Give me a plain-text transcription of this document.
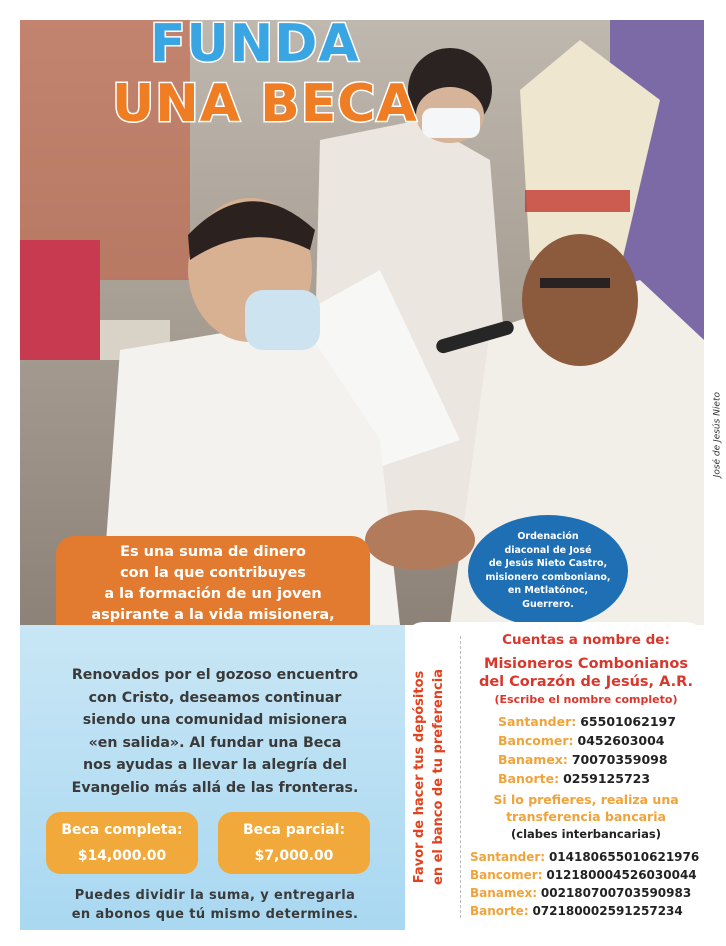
FUNDA
UNA BECA
José de Jesús Nieto
Es una suma de dinero
con la que contribuyes
a la formación de un joven
aspirante a la vida misionera,
Ordenación
diaconal de José
de Jesús Nieto Castro,
misionero comboniano,
en Metlatónoc,
Guerrero.
Renovados por el gozoso encuentro
con Cristo, deseamos continuar
siendo una comunidad misionera
«en salida». Al fundar una Beca
nos ayudas a llevar la alegría del
Evangelio más allá de las fronteras.
Beca completa:
$14,000.00
Beca parcial:
$7,000.00
Puedes dividir la suma, y entregarla
en abonos que tú mismo determines.
Favor de hacer tus depósitos en el banco de tu preferencia
Cuentas a nombre de:
Misioneros Combonianos
del Corazón de Jesús, A.R.
(Escribe el nombre completo)
Santander: 65501062197
Bancomer: 0452603004
Banamex: 70070359098
Banorte: 0259125723
Si lo prefieres, realiza una
transferencia bancaria
(clabes interbancarias)
Santander: 014180655010621976
Bancomer: 012180004526030044
Banamex: 002180700703590983
Banorte: 072180002591257234
